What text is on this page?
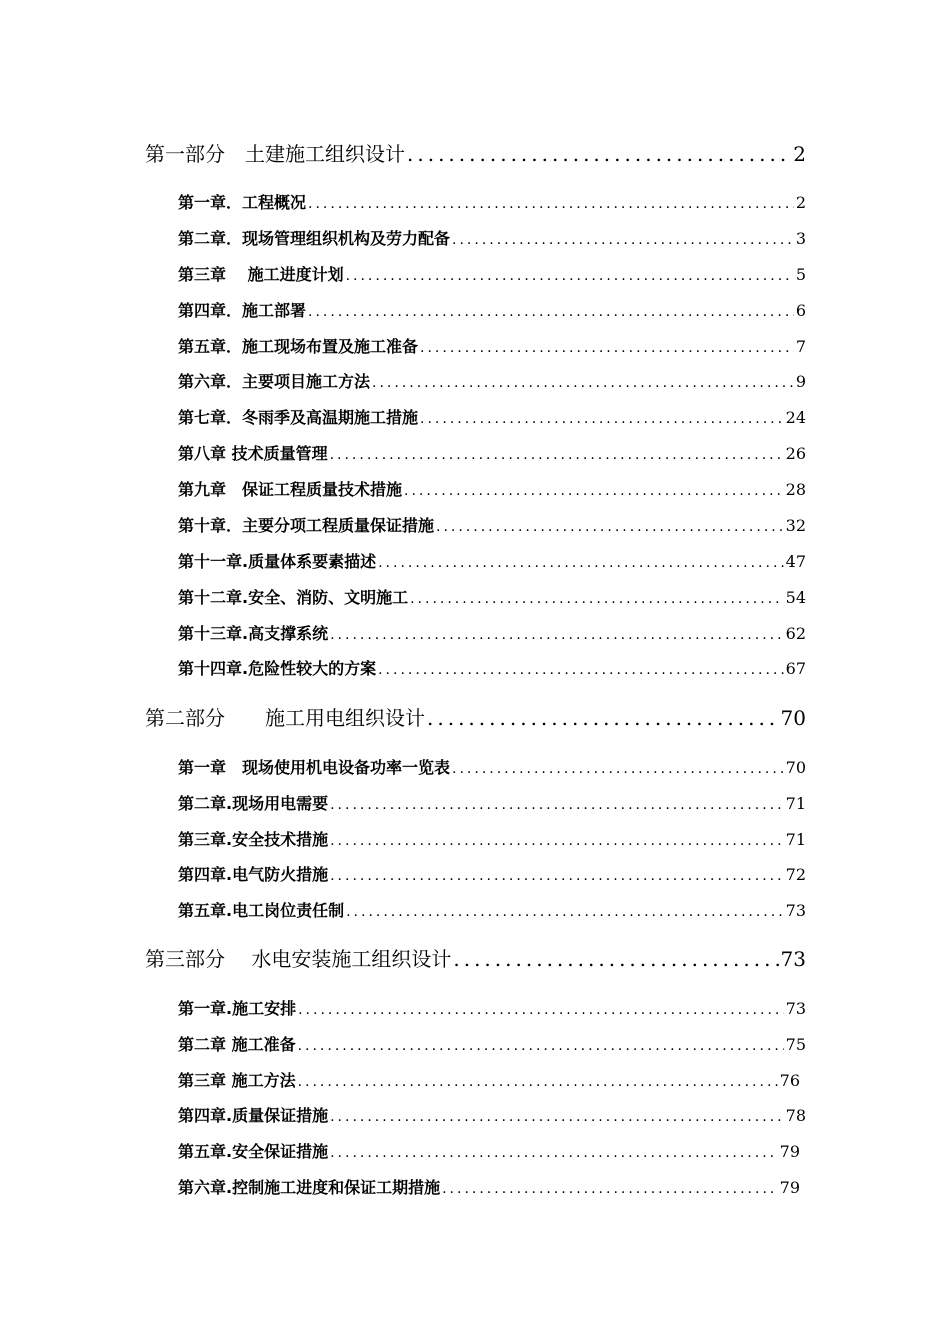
第一部分　土建施工组织设计 .....	2
第一章．工程概况 .....	2
第二章．现场管理组织机构及劳力配备 .....	3
第三章　 施工进度计划 .....	5
第四章．施工部署 .....	6
第五章．施工现场布置及施工准备 .....	7
第六章．主要项目施工方法 .....	9
第七章．冬雨季及高温期施工措施 .....	24
第八章 技术质量管理 .....	26
第九章　保证工程质量技术措施 .....	28
第十章．主要分项工程质量保证措施 .....	32
第十一章.质量体系要素描述 .....	47
第十二章.安全、消防、文明施工 .....	54
第十三章.高支撑系统 .....	62
第十四章.危险性较大的方案 .....	67
第二部分　　施工用电组织设计 .....	70
第一章　现场使用机电设备功率一览表 .....	70
第二章.现场用电需要 .....	71
第三章.安全技术措施 .....	71
第四章.电气防火措施 .....	72
第五章.电工岗位责任制 .....	73
第三部分　 水电安装施工组织设计 .....	73
第一章.施工安排 .....	73
第二章 施工准备 .....	75
第三章 施工方法 .....	76
第四章.质量保证措施 .....	78
第五章.安全保证措施 .....	79
第六章.控制施工进度和保证工期措施 .....	79
